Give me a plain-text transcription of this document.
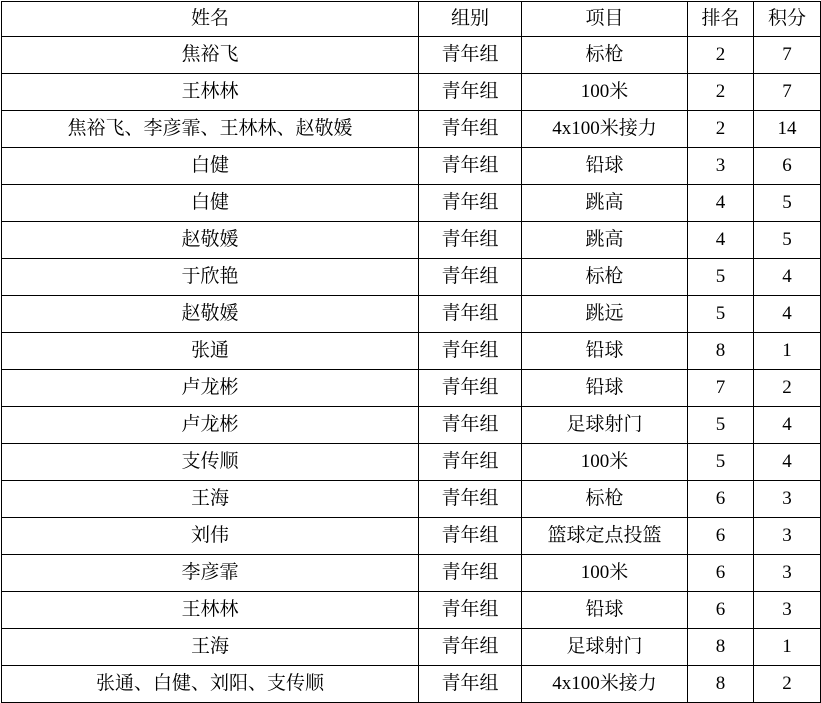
姓名	组别	项目	排名	积分
焦裕飞	青年组	标枪	2	7
王林林	青年组	100米	2	7
焦裕飞、李彦霏、王林林、赵敬媛	青年组	4x100米接力	2	14
白健	青年组	铅球	3	6
白健	青年组	跳高	4	5
赵敬媛	青年组	跳高	4	5
于欣艳	青年组	标枪	5	4
赵敬媛	青年组	跳远	5	4
张通	青年组	铅球	8	1
卢龙彬	青年组	铅球	7	2
卢龙彬	青年组	足球射门	5	4
支传顺	青年组	100米	5	4
王海	青年组	标枪	6	3
刘伟	青年组	篮球定点投篮	6	3
李彦霏	青年组	100米	6	3
王林林	青年组	铅球	6	3
王海	青年组	足球射门	8	1
张通、白健、刘阳、支传顺	青年组	4x100米接力	8	2
